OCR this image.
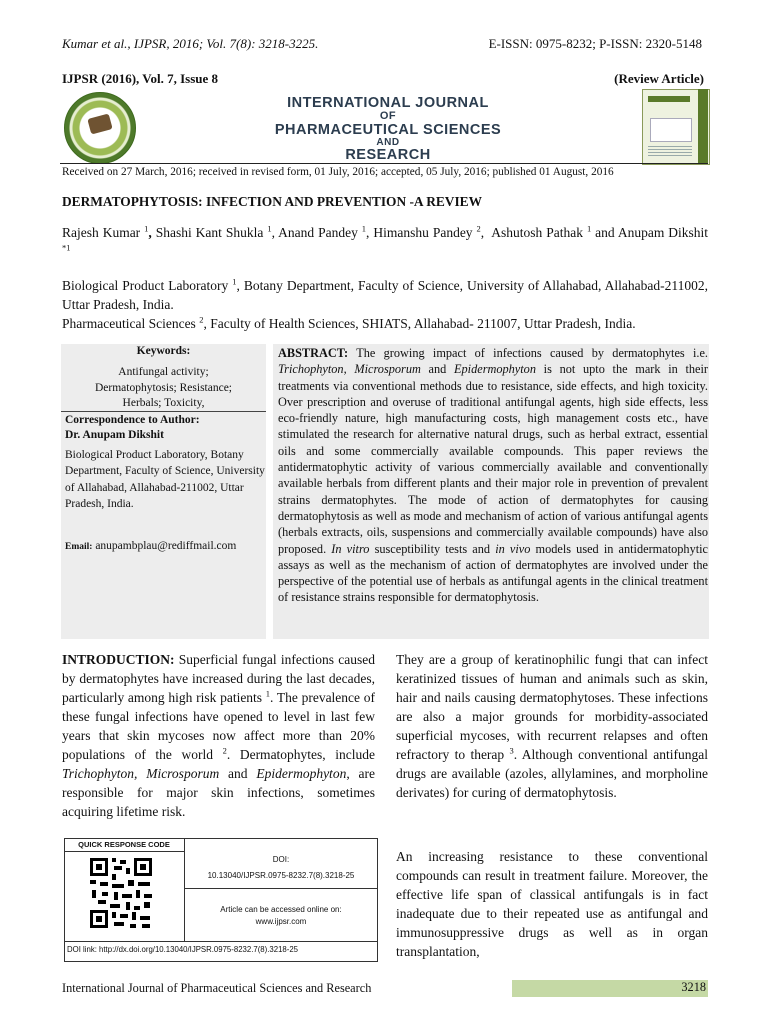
Kumar et al., IJPSR, 2016; Vol. 7(8): 3218-3225.	E-ISSN: 0975-8232; P-ISSN: 2320-5148
IJPSR (2016), Vol. 7, Issue 8	(Review Article)
INTERNATIONAL JOURNAL
OF
PHARMACEUTICAL SCIENCES
AND
RESEARCH
Received on 27 March, 2016; received in revised form, 01 July, 2016; accepted, 05 July, 2016; published 01 August, 2016
DERMATOPHYTOSIS: INFECTION AND PREVENTION -A REVIEW
Rajesh Kumar $^1$, Shashi Kant Shukla $^1$, Anand Pandey $^1$, Himanshu Pandey $^2$,  Ashutosh Pathak $^1$ and Anupam Dikshit $^{*1}$
Biological Product Laboratory $^1$, Botany Department, Faculty of Science, University of Allahabad, Allahabad-211002, Uttar Pradesh, India.
Pharmaceutical Sciences $^2$, Faculty of Health Sciences, SHIATS, Allahabad- 211007, Uttar Pradesh, India.
Keywords:
Antifungal activity;
Dermatophytosis; Resistance;
Herbals; Toxicity,
Correspondence to Author:
Dr. Anupam Dikshit
Biological Product Laboratory, Botany Department, Faculty of Science, University of Allahabad, Allahabad-211002, Uttar Pradesh, India.
Email: anupambplau@rediffmail.com
ABSTRACT: The growing impact of infections caused by dermatophytes i.e. Trichophyton, Microsporum and Epidermophyton is not upto the mark in their treatments via conventional methods due to resistance, side effects, and high toxicity. Over prescription and overuse of traditional antifungal agents, high side effects, less eco-friendly nature, high manufacturing costs, high management costs etc., have stimulated the research for alternative natural drugs, such as herbal extract, essential oils and some commercially available compounds. This paper reviews the antidermatophytic activity of various commercially available and conventionally available herbals from different plants and their major role in prevention of prevalent strains dermatophytes. The mode of action of dermatophytes for causing dermatophytosis as well as mode and mechanism of action of various antifungal agents (herbals extracts, oils, suspensions and commercially available compounds) have also proposed. In vitro susceptibility tests and in vivo models used in antidermatophytic assays as well as the mechanism of action of dermatophytes are involved under the perspective of the potential use of herbals as antifungal agents in the clinical treatment of resistance strains responsible for dermatophytosis.
INTRODUCTION: Superficial fungal infections caused by dermatophytes have increased during the last decades, particularly among high risk patients $^1$. The prevalence of these fungal infections have opened to level in last few years that skin mycoses now affect more than 20% populations of the world $^2$. Dermatophytes, include Trichophyton, Microsporum and Epidermophyton, are responsible for major skin infections, sometimes acquiring lifetime risk.
They are a group of keratinophilic fungi that can infect keratinized tissues of human and animals such as skin, hair and nails causing dermatophytoses. These infections are also a major grounds for morbidity-associated superficial mycoses, with recurrent relapses and often refractory to therap $^3$. Although conventional antifungal drugs are available (azoles, allylamines, and morpholine derivates) for curing of dermatophytosis.
An increasing resistance to these conventional compounds can result in treatment failure. Moreover, the effective life span of classical antifungals is in fact inadequate due to their repeated use as antifungal and immunosuppressive drugs as well as in organ transplantation,
QUICK RESPONSE CODE
DOI:
10.13040/IJPSR.0975-8232.7(8).3218-25
Article can be accessed online on:
www.ijpsr.com
DOI link: http://dx.doi.org/10.13040/IJPSR.0975-8232.7(8).3218-25
International Journal of Pharmaceutical Sciences and Research	3218
